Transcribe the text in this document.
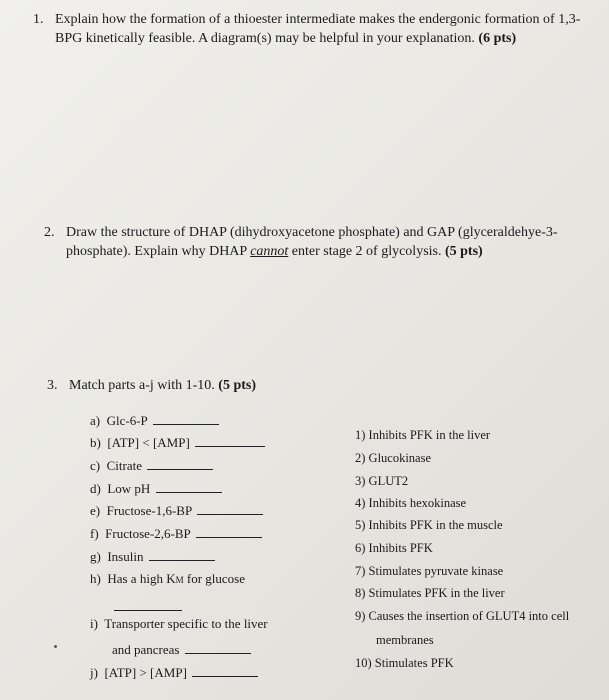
1. Explain how the formation of a thioester intermediate makes the endergonic formation of 1,3-
BPG kinetically feasible. A diagram(s) may be helpful in your explanation. (6 pts)
2. Draw the structure of DHAP (dihydroxyacetone phosphate) and GAP (glyceraldehye-3-
phosphate). Explain why DHAP cannot enter stage 2 of glycolysis. (5 pts)
3. Match parts a-j with 1-10. (5 pts)
a) Glc-6-P
b) [ATP] < [AMP]
c) Citrate
d) Low pH
e) Fructose-1,6-BP
f) Fructose-2,6-BP
g) Insulin
h) Has a high KM for glucose
i) Transporter specific to the liver
and pancreas
j) [ATP] > [AMP]
1) Inhibits PFK in the liver
2) Glucokinase
3) GLUT2
4) Inhibits hexokinase
5) Inhibits PFK in the muscle
6) Inhibits PFK
7) Stimulates pyruvate kinase
8) Stimulates PFK in the liver
9) Causes the insertion of GLUT4 into cell
membranes
10) Stimulates PFK
